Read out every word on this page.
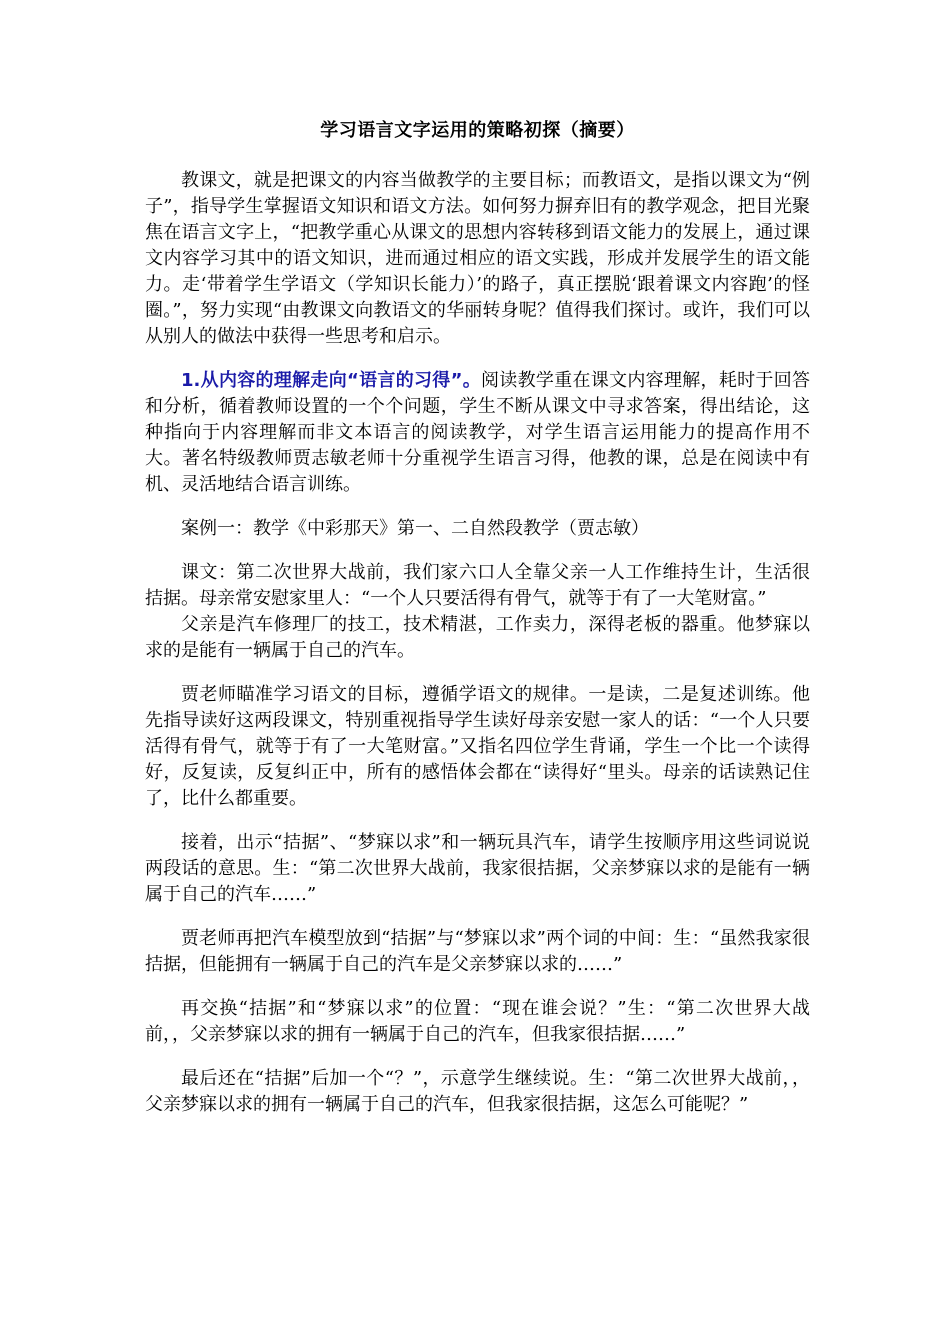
学习语言文字运用的策略初探（摘要）

教课文，就是把课文的内容当做教学的主要目标；而教语文，是指以课文为“例子”，指导学生掌握语文知识和语文方法。如何努力摒弃旧有的教学观念，把目光聚焦在语言文字上，“把教学重心从课文的思想内容转移到语文能力的发展上，通过课文内容学习其中的语文知识，进而通过相应的语文实践，形成并发展学生的语文能力。走‘带着学生学语文（学知识长能力）’的路子，真正摆脱‘跟着课文内容跑’的怪圈。”，努力实现“由教课文向教语文的华丽转身呢？值得我们探讨。或许，我们可以从别人的做法中获得一些思考和启示。

1.从内容的理解走向“语言的习得”。阅读教学重在课文内容理解，耗时于回答和分析，循着教师设置的一个个问题，学生不断从课文中寻求答案，得出结论，这种指向于内容理解而非文本语言的阅读教学，对学生语言运用能力的提高作用不大。著名特级教师贾志敏老师十分重视学生语言习得，他教的课，总是在阅读中有机、灵活地结合语言训练。

案例一：教学《中彩那天》第一、二自然段教学（贾志敏）

课文：第二次世界大战前，我们家六口人全靠父亲一人工作维持生计，生活很拮据。母亲常安慰家里人：“一个人只要活得有骨气，就等于有了一大笔财富。”

父亲是汽车修理厂的技工，技术精湛，工作卖力，深得老板的器重。他梦寐以求的是能有一辆属于自己的汽车。

贾老师瞄准学习语文的目标，遵循学语文的规律。一是读，二是复述训练。他先指导读好这两段课文，特别重视指导学生读好母亲安慰一家人的话：“一个人只要活得有骨气，就等于有了一大笔财富。”又指名四位学生背诵，学生一个比一个读得好，反复读，反复纠正中，所有的感悟体会都在“读得好“里头。母亲的话读熟记住了，比什么都重要。

接着，出示“拮据”、“梦寐以求”和一辆玩具汽车，请学生按顺序用这些词说说两段话的意思。生：“第二次世界大战前，我家很拮据，父亲梦寐以求的是能有一辆属于自己的汽车……”

贾老师再把汽车模型放到“拮据”与“梦寐以求”两个词的中间：生：“虽然我家很拮据，但能拥有一辆属于自己的汽车是父亲梦寐以求的……”

再交换“拮据”和“梦寐以求”的位置：“现在谁会说？”生：“第二次世界大战前，，父亲梦寐以求的拥有一辆属于自己的汽车，但我家很拮据……”

最后还在“拮据”后加一个“？”，示意学生继续说。生：“第二次世界大战前，，父亲梦寐以求的拥有一辆属于自己的汽车，但我家很拮据，这怎么可能呢？”
